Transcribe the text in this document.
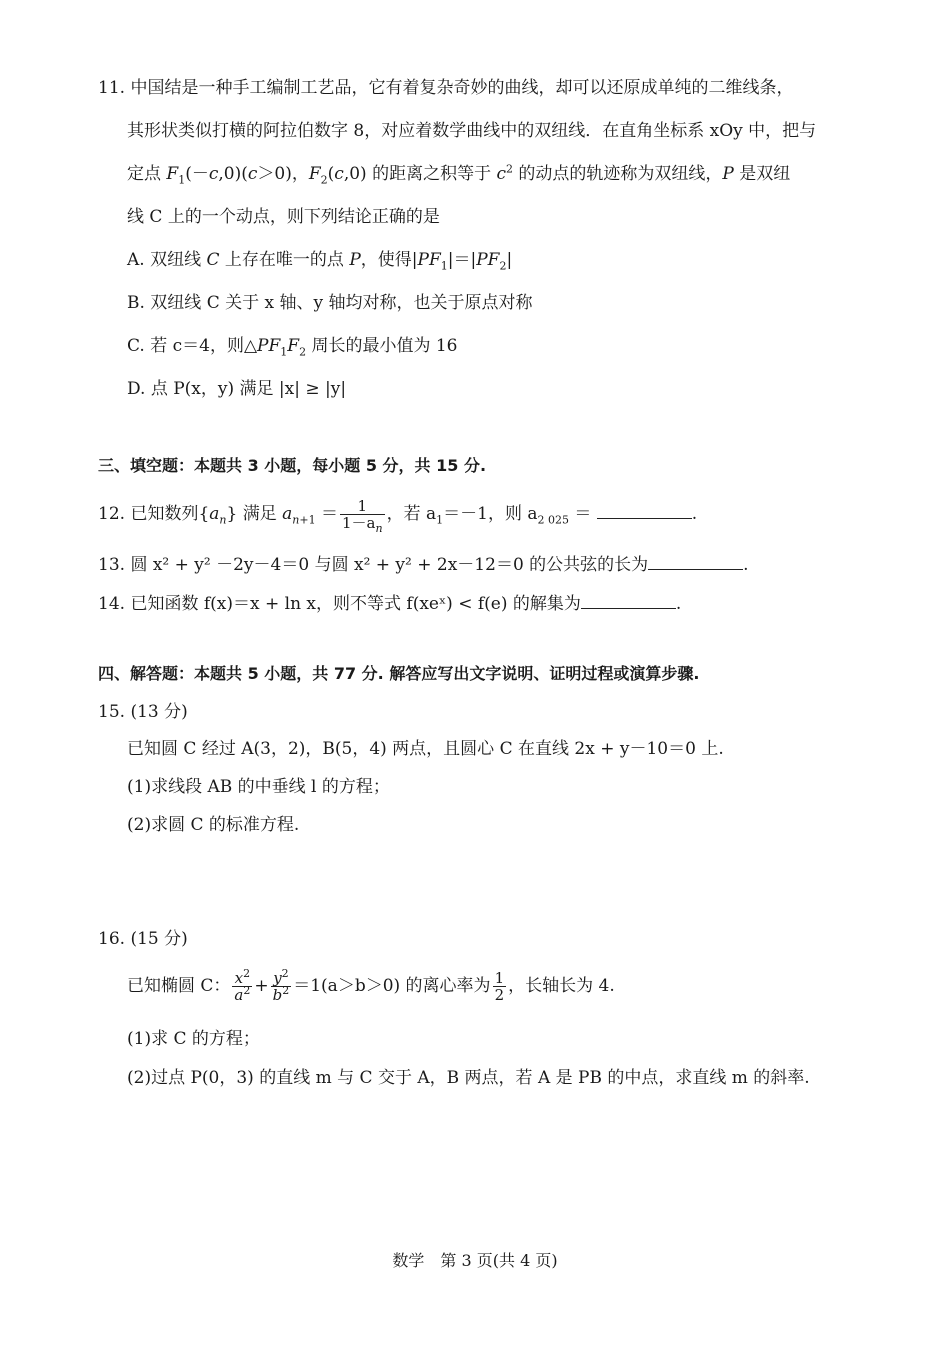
11. 中国结是一种手工编制工艺品，它有着复杂奇妙的曲线，却可以还原成单纯的二维线条，
其形状类似打横的阿拉伯数字 8，对应着数学曲线中的双纽线．在直角坐标系 xOy 中，把与
定点 $F_1(-c,0)(c>0)$，$F_2(c,0)$ 的距离之积等于 $c^2$ 的动点的轨迹称为双纽线，P 是双纽
线 C 上的一个动点，则下列结论正确的是
A. 双纽线 C 上存在唯一的点 P，使得$|PF_1|=|PF_2|$
B. 双纽线 C 关于 x 轴、y 轴均对称，也关于原点对称
C. 若 c＝4，则$\triangle PF_1F_2$ 周长的最小值为 16
D. 点 P(x，y) 满足 |x| ≥ |y|
三、填空题：本题共 3 小题，每小题 5 分，共 15 分.
12. 已知数列$\{a_n\}$ 满足 $a_{n+1} = \frac{1}{1-a_n}$ ，若 $a_1=-1$，则 $a_{2 025}$ ＝	.
13. 圆 x² + y² －2y－4＝0 与圆 x² + y² + 2x－12＝0 的公共弦的长为	.
14. 已知函数 f(x)＝x + ln x，则不等式 f(xeˣ) < f(e) 的解集为	.
四、解答题：本题共 5 小题，共 77 分. 解答应写出文字说明、证明过程或演算步骤.
15. (13 分)
已知圆 C 经过 A(3，2)，B(5，4) 两点，且圆心 C 在直线 2x + y－10＝0 上.
(1)求线段 AB 的中垂线 l 的方程；
(2)求圆 C 的标准方程.
16. (15 分)
已知椭圆 C： $\frac{x^2}{a^2} + \frac{y^2}{b^2} =1(a>b>0)$ 的离心率为 $\frac{1}{2}$ ，长轴长为 4.
(1)求 C 的方程；
(2)过点 P(0，3) 的直线 m 与 C 交于 A，B 两点，若 A 是 PB 的中点，求直线 m 的斜率.
数学　第 3 页(共 4 页)
